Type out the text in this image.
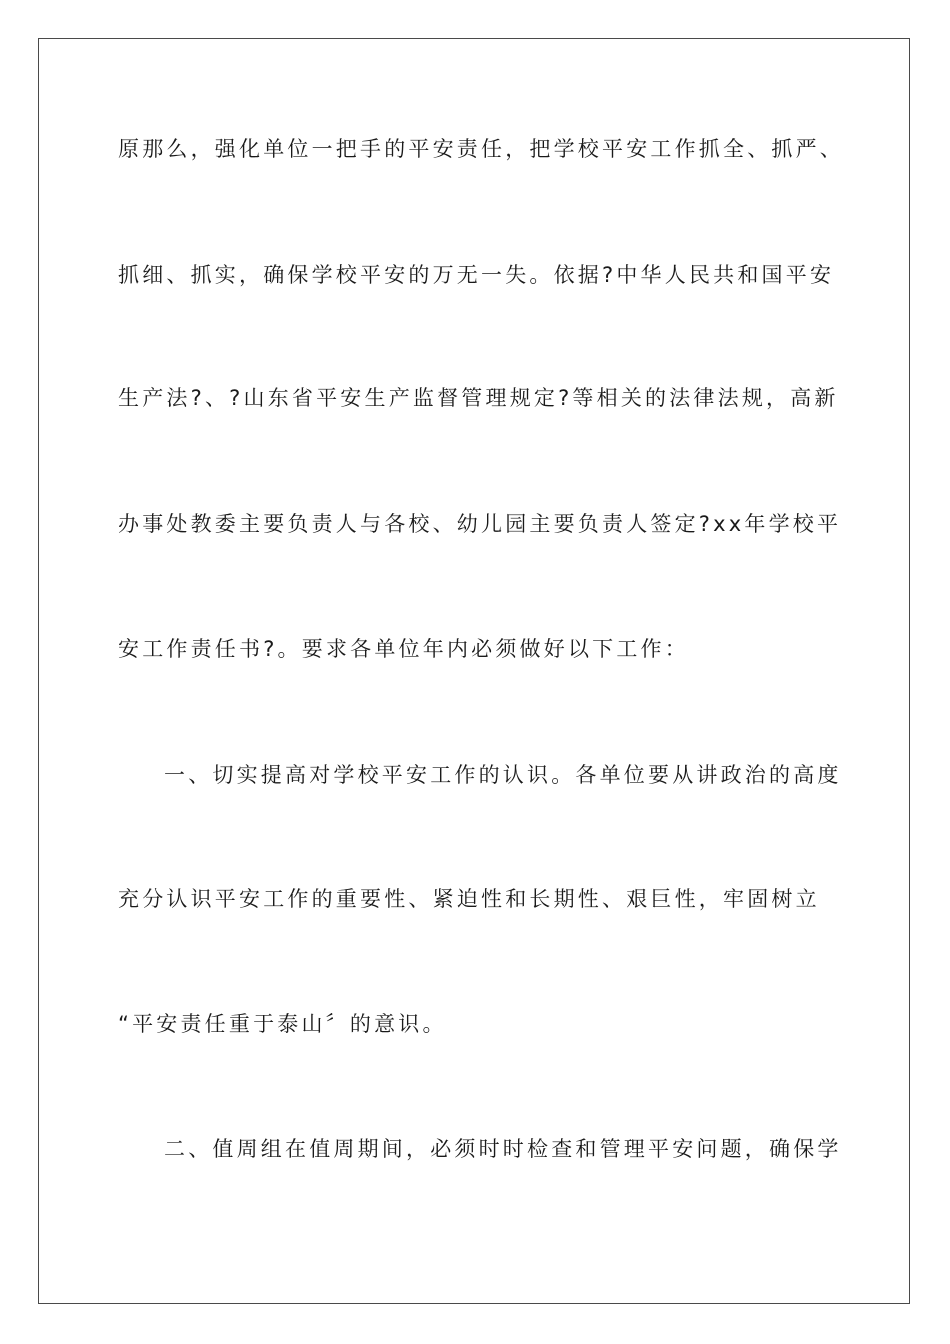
原那么，强化单位一把手的平安责任，把学校平安工作抓全、抓严、
抓细、抓实，确保学校平安的万无一失。依据?中华人民共和国平安
生产法?、?山东省平安生产监督管理规定?等相关的法律法规，高新
办事处教委主要负责人与各校、幼儿园主要负责人签定?xx年学校平
安工作责任书?。要求各单位年内必须做好以下工作：
一、切实提高对学校平安工作的认识。各单位要从讲政治的高度
充分认识平安工作的重要性、紧迫性和长期性、艰巨性，牢固树立
“平安责任重于泰山〞的意识。
二、值周组在值周期间，必须时时检查和管理平安问题，确保学
